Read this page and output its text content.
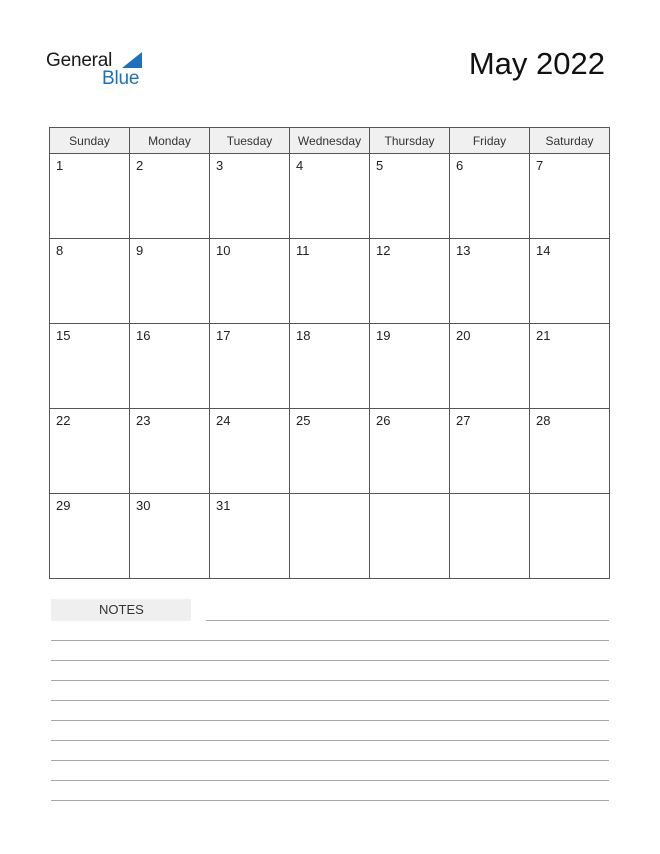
General
Blue	May 2022
Sunday	Monday	Tuesday	Wednesday	Thursday	Friday	Saturday

1	2	3	4	5	6	7

8	9	10	11	12	13	14

15	16	17	18	19	20	21

22	23	24	25	26	27	28

29	30	31				

NOTES
